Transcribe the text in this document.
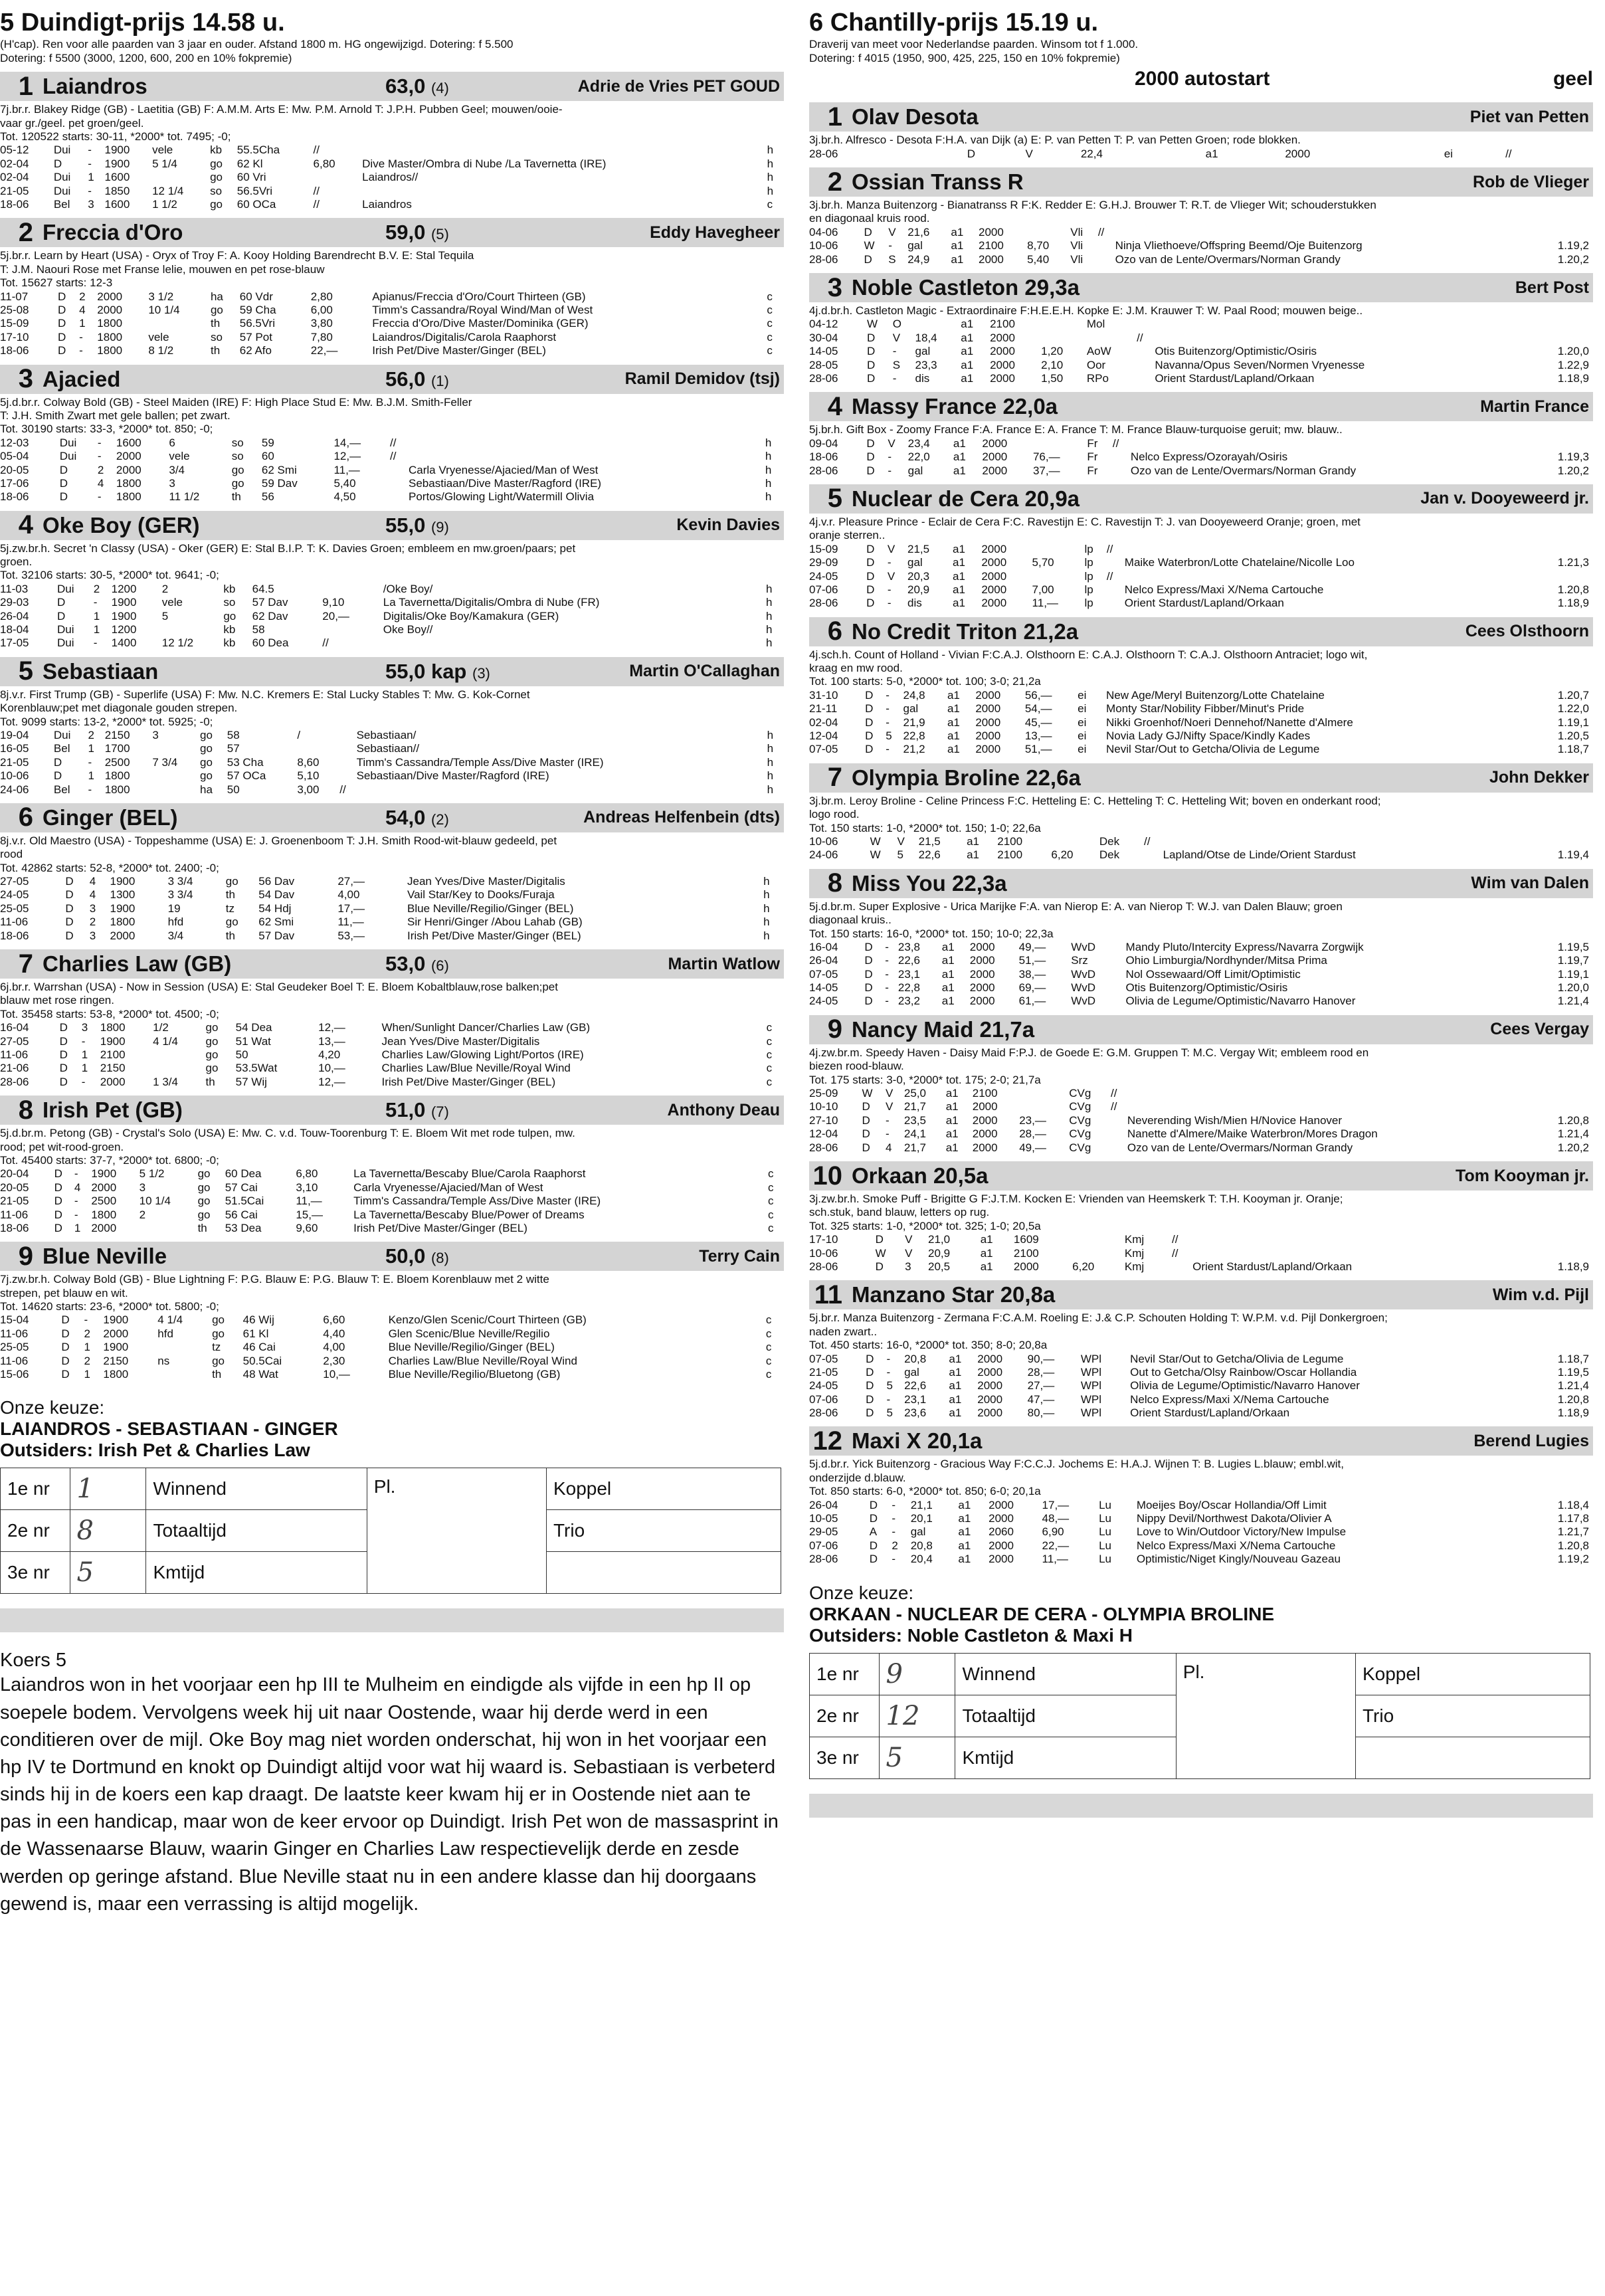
5 Duindigt-prijs 14.58 u.
(H'cap). Ren voor alle paarden van 3 jaar en ouder. Afstand 1800 m. HG ongewijzigd. Dotering: f 5.500
Dotering: f 5500 (3000, 1200, 600, 200 en 10% fokpremie)
1 Laiandros	63,0 (4)	Adrie de Vries PET GOUD
7j.br.r. Blakey Ridge (GB) - Laetitia (GB) F: A.M.M. Arts E: Mw. P.M. Arnold T: J.P.H. Pubben Geel; mouwen/ooie-
vaar gr./geel. pet groen/geel.
Tot. 120522 starts: 30-11, *2000* tot. 7495; -0;
05-12	Dui	-	1900	vele	kb	55.5Cha	//			h
02-04	D	-	1900	5 1/4	go	62 Kl	6,80		Dive Master/Ombra di Nube /La Tavernetta (IRE)	h
02-04	Dui	1	1600		go	60 Vri			Laiandros//	h
21-05	Dui	-	1850	12 1/4	so	56.5Vri	//			h
18-06	Bel	3	1600	1 1/2	go	60 OCa	//		Laiandros	c
2 Freccia d'Oro	59,0 (5)	Eddy Havegheer
5j.br.r. Learn by Heart (USA) - Oryx of Troy F: A. Kooy Holding Barendrecht B.V. E: Stal Tequila
T: J.M. Naouri Rose met Franse lelie, mouwen en pet rose-blauw
Tot. 15627 starts: 12-3
11-07	D	2	2000	3 1/2	ha	60 Vdr	2,80		Apianus/Freccia d'Oro/Court Thirteen (GB)	c
25-08	D	4	2000	10 1/4	go	59 Cha	6,00		Timm's Cassandra/Royal Wind/Man of West	c
15-09	D	1	1800		th	56.5Vri	3,80		Freccia d'Oro/Dive Master/Dominika (GER)	c
17-10	D	-	1800	vele	so	57 Pot	7,80		Laiandros/Digitalis/Carola Raaphorst	c
18-06	D	-	1800	8 1/2	th	62 Afo	22,—		Irish Pet/Dive Master/Ginger (BEL)	c
3 Ajacied	56,0 (1)	Ramil Demidov (tsj)
5j.d.br.r. Colway Bold (GB) - Steel Maiden (IRE) F: High Place Stud E: Mw. B.J.M. Smith-Feller
T: J.H. Smith Zwart met gele ballen; pet zwart.
Tot. 30190 starts: 33-3, *2000* tot. 850; -0;
12-03	Dui	-	1600	6	so	59	14,—	//		h
05-04	Dui	-	2000	vele	so	60	12,—	//		h
20-05	D	2	2000	3/4	go	62 Smi	11,—		Carla Vryenesse/Ajacied/Man of West	h
17-06	D	4	1800	3	go	59 Dav	5,40		Sebastiaan/Dive Master/Ragford (IRE)	h
18-06	D	-	1800	11 1/2	th	56	4,50		Portos/Glowing Light/Watermill Olivia	h
4 Oke Boy (GER)	55,0 (9)	Kevin Davies
5j.zw.br.h. Secret 'n Classy (USA) - Oker (GER) E: Stal B.I.P. T: K. Davies Groen; embleem en mw.groen/paars; pet
groen.
Tot. 32106 starts: 30-5, *2000* tot. 9641; -0;
11-03	Dui	2	1200	2	kb	64.5			/Oke Boy/	h
29-03	D	-	1900	vele	so	57 Dav	9,10		La Tavernetta/Digitalis/Ombra di Nube (FR)	h
26-04	D	1	1900	5	go	62 Dav	20,—		Digitalis/Oke Boy/Kamakura (GER)	h
18-04	Dui	1	1200		kb	58			Oke Boy//	h
17-05	Dui	-	1400	12 1/2	kb	60 Dea	//			h
5 Sebastiaan	55,0 kap (3)	Martin O'Callaghan
8j.v.r. First Trump (GB) - Superlife (USA) F: Mw. N.C. Kremers E: Stal Lucky Stables T: Mw. G. Kok-Cornet
Korenblauw;pet met diagonale gouden strepen.
Tot. 9099 starts: 13-2, *2000* tot. 5925; -0;
19-04	Dui	2	2150	3	go	58	/		Sebastiaan/	h
16-05	Bel	1	1700		go	57			Sebastiaan//	h
21-05	D	-	2500	7 3/4	go	53 Cha	8,60		Timm's Cassandra/Temple Ass/Dive Master (IRE)	h
10-06	D	1	1800		go	57 OCa	5,10		Sebastiaan/Dive Master/Ragford (IRE)	h
24-06	Bel	-	1800		ha	50	3,00	//		h
6 Ginger (BEL)	54,0 (2)	Andreas Helfenbein (dts)
8j.v.r. Old Maestro (USA) - Toppeshamme (USA) E: J. Groenenboom T: J.H. Smith Rood-wit-blauw gedeeld, pet
rood
Tot. 42862 starts: 52-8, *2000* tot. 2400; -0;
27-05	D	4	1900	3 3/4	go	56 Dav	27,—		Jean Yves/Dive Master/Digitalis	h
24-05	D	4	1300	3 3/4	th	54 Dav	4,00		Vail Star/Key to Dooks/Furaja	h
25-05	D	3	1900	19	tz	54 Hdj	17,—		Blue Neville/Regilio/Ginger (BEL)	h
11-06	D	2	1800	hfd	go	62 Smi	11,—		Sir Henri/Ginger /Abou Lahab (GB)	h
18-06	D	3	2000	3/4	th	57 Dav	53,—		Irish Pet/Dive Master/Ginger (BEL)	h
7 Charlies Law (GB)	53,0 (6)	Martin Watlow
6j.br.r. Warrshan (USA) - Now in Session (USA) E: Stal Geudeker Boel T: E. Bloem Kobaltblauw,rose balken;pet
blauw met rose ringen.
Tot. 35458 starts: 53-8, *2000* tot. 4500; -0;
16-04	D	3	1800	1/2	go	54 Dea	12,—		When/Sunlight Dancer/Charlies Law (GB)	c
27-05	D	-	1900	4 1/4	go	51 Wat	13,—		Jean Yves/Dive Master/Digitalis	c
11-06	D	1	2100		go	50	4,20		Charlies Law/Glowing Light/Portos (IRE)	c
21-06	D	1	2150		go	53.5Wat	10,—		Charlies Law/Blue Neville/Royal Wind	c
28-06	D	-	2000	1 3/4	th	57 Wij	12,—		Irish Pet/Dive Master/Ginger (BEL)	c
8 Irish Pet (GB)	51,0 (7)	Anthony Deau
5j.d.br.m. Petong (GB) - Crystal's Solo (USA) E: Mw. C. v.d. Touw-Toorenburg T: E. Bloem Wit met rode tulpen, mw.
rood; pet wit-rood-groen.
Tot. 45400 starts: 37-7, *2000* tot. 6800; -0;
20-04	D	-	1900	5 1/2	go	60 Dea	6,80		La Tavernetta/Bescaby Blue/Carola Raaphorst	c
20-05	D	4	2000	3	go	57 Cai	3,10		Carla Vryenesse/Ajacied/Man of West	c
21-05	D	-	2500	10 1/4	go	51.5Cai	11,—		Timm's Cassandra/Temple Ass/Dive Master (IRE)	c
11-06	D	-	1800	2	go	56 Cai	15,—		La Tavernetta/Bescaby Blue/Power of Dreams	c
18-06	D	1	2000		th	53 Dea	9,60		Irish Pet/Dive Master/Ginger (BEL)	c
9 Blue Neville	50,0 (8)	Terry Cain
7j.zw.br.h. Colway Bold (GB) - Blue Lightning F: P.G. Blauw E: P.G. Blauw T: E. Bloem Korenblauw met 2 witte
strepen, pet blauw en wit.
Tot. 14620 starts: 23-6, *2000* tot. 5800; -0;
15-04	D	-	1900	4 1/4	go	46 Wij	6,60		Kenzo/Glen Scenic/Court Thirteen (GB)	c
11-06	D	2	2000	hfd	go	61 Kl	4,40		Glen Scenic/Blue Neville/Regilio	c
25-05	D	1	1900		tz	46 Cai	4,00		Blue Neville/Regilio/Ginger (BEL)	c
11-06	D	2	2150	ns	go	50.5Cai	2,30		Charlies Law/Blue Neville/Royal Wind	c
15-06	D	1	1800		th	48 Wat	10,—		Blue Neville/Regilio/Bluetong (GB)	c
Onze keuze:
LAIANDROS - SEBASTIAAN - GINGER
Outsiders: Irish Pet & Charlies Law
1e nr	1	Winnend	Pl.	Koppel
2e nr	8	Totaaltijd		Trio
3e nr	5	Kmtijd		
Koers 5
Laiandros won in het voorjaar een hp III te Mulheim en eindigde als vijfde in een hp II op soepele bodem. Vervolgens week hij uit naar Oostende, waar hij derde werd in een conditieren over de mijl. Oke Boy mag niet worden onderschat, hij won in het voorjaar een hp IV te Dortmund en knokt op Duindigt altijd voor wat hij waard is. Sebastiaan is verbeterd sinds hij in de koers een kap draagt. De laatste keer kwam hij er in Oostende niet aan te pas in een handicap, maar won de keer ervoor op Duindigt. Irish Pet won de massasprint in de Wassenaarse Blauw, waarin Ginger en Charlies Law respectievelijk derde en zesde werden op geringe afstand. Blue Neville staat nu in een andere klasse dan hij doorgaans gewend is, maar een verrassing is altijd mogelijk.
6 Chantilly-prijs 15.19 u.
Draverij van meet voor Nederlandse paarden. Winsom tot f 1.000.
Dotering: f 4015 (1950, 900, 425, 225, 150 en 10% fokpremie)
2000 autostart	geel
1 Olav Desota	Piet van Petten
3j.br.h. Alfresco - Desota F:H.A. van Dijk (a) E: P. van Petten T: P. van Petten Groen; rode blokken.
28-06	D	V	22,4	a1	2000		ei	//		
2 Ossian Transs R	Rob de Vlieger
3j.br.h. Manza Buitenzorg - Bianatranss R F:K. Redder E: G.H.J. Brouwer T: R.T. de Vlieger Wit; schouderstukken
en diagonaal kruis rood.
04-06	D	V	21,6	a1	2000		Vli	//		
10-06	W	-	gal	a1	2100	8,70	Vli		Ninja Vliethoeve/Offspring Beemd/Oje Buitenzorg	1.19,2
28-06	D	S	24,9	a1	2000	5,40	Vli		Ozo van de Lente/Overmars/Norman Grandy	1.20,2
3 Noble Castleton 29,3a	Bert Post
4j.d.br.h. Castleton Magic - Extraordinaire F:H.E.E.H. Kopke E: J.M. Krauwer T: W. Paal Rood; mouwen beige..
04-12	W	O		a1	2100		Mol			
30-04	D	V	18,4	a1	2000			//		
14-05	D	-	gal	a1	2000	1,20	AoW		Otis Buitenzorg/Optimistic/Osiris	1.20,0
28-05	D	S	23,3	a1	2000	2,10	Oor		Navanna/Opus Seven/Normen Vryenesse	1.22,9
28-06	D	-	dis	a1	2000	1,50	RPo		Orient Stardust/Lapland/Orkaan	1.18,9
4 Massy France 22,0a	Martin France
5j.br.h. Gift Box - Zoomy France F:A. France E: A. France T: M. France Blauw-turquoise geruit; mw. blauw..
09-04	D	V	23,4	a1	2000		Fr	//		
18-06	D	-	22,0	a1	2000	76,—	Fr		Nelco Express/Ozorayah/Osiris	1.19,3
28-06	D	-	gal	a1	2000	37,—	Fr		Ozo van de Lente/Overmars/Norman Grandy	1.20,2
5 Nuclear de Cera 20,9a	Jan v. Dooyeweerd jr.
4j.v.r. Pleasure Prince - Eclair de Cera F:C. Ravestijn E: C. Ravestijn T: J. van Dooyeweerd Oranje; groen, met
oranje sterren..
15-09	D	V	21,5	a1	2000		lp	//		
29-09	D	-	gal	a1	2000	5,70	lp		Maike Waterbron/Lotte Chatelaine/Nicolle Loo	1.21,3
24-05	D	V	20,3	a1	2000		lp	//		
07-06	D	-	20,9	a1	2000	7,00	lp		Nelco Express/Maxi X/Nema Cartouche	1.20,8
28-06	D	-	dis	a1	2000	11,—	lp		Orient Stardust/Lapland/Orkaan	1.18,9
6 No Credit Triton 21,2a	Cees Olsthoorn
4j.sch.h. Count of Holland - Vivian F:C.A.J. Olsthoorn E: C.A.J. Olsthoorn T: C.A.J. Olsthoorn Antraciet; logo wit,
kraag en mw rood.
Tot. 100 starts: 5-0, *2000* tot. 100; 3-0; 21,2a
31-10	D	-	24,8	a1	2000	56,—	ei		New Age/Meryl Buitenzorg/Lotte Chatelaine	1.20,7
21-11	D	-	gal	a1	2000	54,—	ei		Monty Star/Nobility Fibber/Minut's Pride	1.22,0
02-04	D	-	21,9	a1	2000	45,—	ei		Nikki Groenhof/Noeri Dennehof/Nanette d'Almere	1.19,1
12-04	D	5	22,8	a1	2000	13,—	ei		Novia Lady GJ/Nifty Space/Kindly Kades	1.20,5
07-05	D	-	21,2	a1	2000	51,—	ei		Nevil Star/Out to Getcha/Olivia de Legume	1.18,7
7 Olympia Broline 22,6a	John Dekker
3j.br.m. Leroy Broline - Celine Princess F:C. Hetteling E: C. Hetteling T: C. Hetteling Wit; boven en onderkant rood;
logo rood.
Tot. 150 starts: 1-0, *2000* tot. 150; 1-0; 22,6a
10-06	W	V	21,5	a1	2100		Dek	//		
24-06	W	5	22,6	a1	2100	6,20	Dek		Lapland/Otse de Linde/Orient Stardust	1.19,4
8 Miss You 22,3a	Wim van Dalen
5j.d.br.m. Super Explosive - Urica Marijke F:A. van Nierop E: A. van Nierop T: W.J. van Dalen Blauw; groen
diagonaal kruis..
Tot. 150 starts: 16-0, *2000* tot. 150; 10-0; 22,3a
16-04	D	-	23,8	a1	2000	49,—	WvD		Mandy Pluto/Intercity Express/Navarra Zorgwijk	1.19,5
26-04	D	-	22,6	a1	2000	51,—	Srz		Ohio Limburgia/Nordhynder/Mitsa Prima	1.19,7
07-05	D	-	23,1	a1	2000	38,—	WvD		Nol Ossewaard/Off Limit/Optimistic	1.19,1
14-05	D	-	22,8	a1	2000	69,—	WvD		Otis Buitenzorg/Optimistic/Osiris	1.20,0
24-05	D	-	23,2	a1	2000	61,—	WvD		Olivia de Legume/Optimistic/Navarro Hanover	1.21,4
9 Nancy Maid 21,7a	Cees Vergay
4j.zw.br.m. Speedy Haven - Daisy Maid F:P.J. de Goede E: G.M. Gruppen T: M.C. Vergay Wit; embleem rood en
biezen rood-blauw.
Tot. 175 starts: 3-0, *2000* tot. 175; 2-0; 21,7a
25-09	W	V	25,0	a1	2100		CVg	//		
10-10	D	V	21,7	a1	2000		CVg	//		
27-10	D	-	23,5	a1	2000	23,—	CVg		Neverending Wish/Mien H/Novice Hanover	1.20,8
12-04	D	-	24,1	a1	2000	28,—	CVg		Nanette d'Almere/Maike Waterbron/Mores Dragon	1.21,4
28-06	D	4	21,7	a1	2000	49,—	CVg		Ozo van de Lente/Overmars/Norman Grandy	1.20,2
10 Orkaan 20,5a	Tom Kooyman jr.
3j.zw.br.h. Smoke Puff - Brigitte G F:J.T.M. Kocken E: Vrienden van Heemskerk T: T.H. Kooyman jr. Oranje;
sch.stuk, band blauw, letters op rug.
Tot. 325 starts: 1-0, *2000* tot. 325; 1-0; 20,5a
17-10	D	V	21,0	a1	1609		Kmj	//		
10-06	W	V	20,9	a1	2100		Kmj	//		
28-06	D	3	20,5	a1	2000	6,20	Kmj		Orient Stardust/Lapland/Orkaan	1.18,9
11 Manzano Star 20,8a	Wim v.d. Pijl
5j.br.r. Manza Buitenzorg - Zermana F:C.A.M. Roeling E: J.& C.P. Schouten Holding T: W.P.M. v.d. Pijl Donkergroen;
naden zwart..
Tot. 450 starts: 16-0, *2000* tot. 350; 8-0; 20,8a
07-05	D	-	20,8	a1	2000	90,—	WPl		Nevil Star/Out to Getcha/Olivia de Legume	1.18,7
21-05	D	-	gal	a1	2000	28,—	WPl		Out to Getcha/Olsy Rainbow/Oscar Hollandia	1.19,5
24-05	D	5	22,6	a1	2000	27,—	WPl		Olivia de Legume/Optimistic/Navarro Hanover	1.21,4
07-06	D	-	23,1	a1	2000	47,—	WPl		Nelco Express/Maxi X/Nema Cartouche	1.20,8
28-06	D	5	23,6	a1	2000	80,—	WPl		Orient Stardust/Lapland/Orkaan	1.18,9
12 Maxi X 20,1a	Berend Lugies
5j.d.br.r. Yick Buitenzorg - Gracious Way F:C.C.J. Jochems E: H.A.J. Wijnen T: B. Lugies L.blauw; embl.wit,
onderzijde d.blauw.
Tot. 850 starts: 6-0, *2000* tot. 850; 6-0; 20,1a
26-04	D	-	21,1	a1	2000	17,—	Lu		Moeijes Boy/Oscar Hollandia/Off Limit	1.18,4
10-05	D	-	20,1	a1	2000	48,—	Lu		Nippy Devil/Northwest Dakota/Olivier A	1.17,8
29-05	A	-	gal	a1	2060	6,90	Lu		Love to Win/Outdoor Victory/New Impulse	1.21,7
07-06	D	2	20,8	a1	2000	22,—	Lu		Nelco Express/Maxi X/Nema Cartouche	1.20,8
28-06	D	-	20,4	a1	2000	11,—	Lu		Optimistic/Niget Kingly/Nouveau Gazeau	1.19,2
Onze keuze:
ORKAAN - NUCLEAR DE CERA - OLYMPIA BROLINE
Outsiders: Noble Castleton & Maxi H
1e nr	9	Winnend	Pl.	Koppel
2e nr	12	Totaaltijd		Trio
3e nr	5	Kmtijd		
